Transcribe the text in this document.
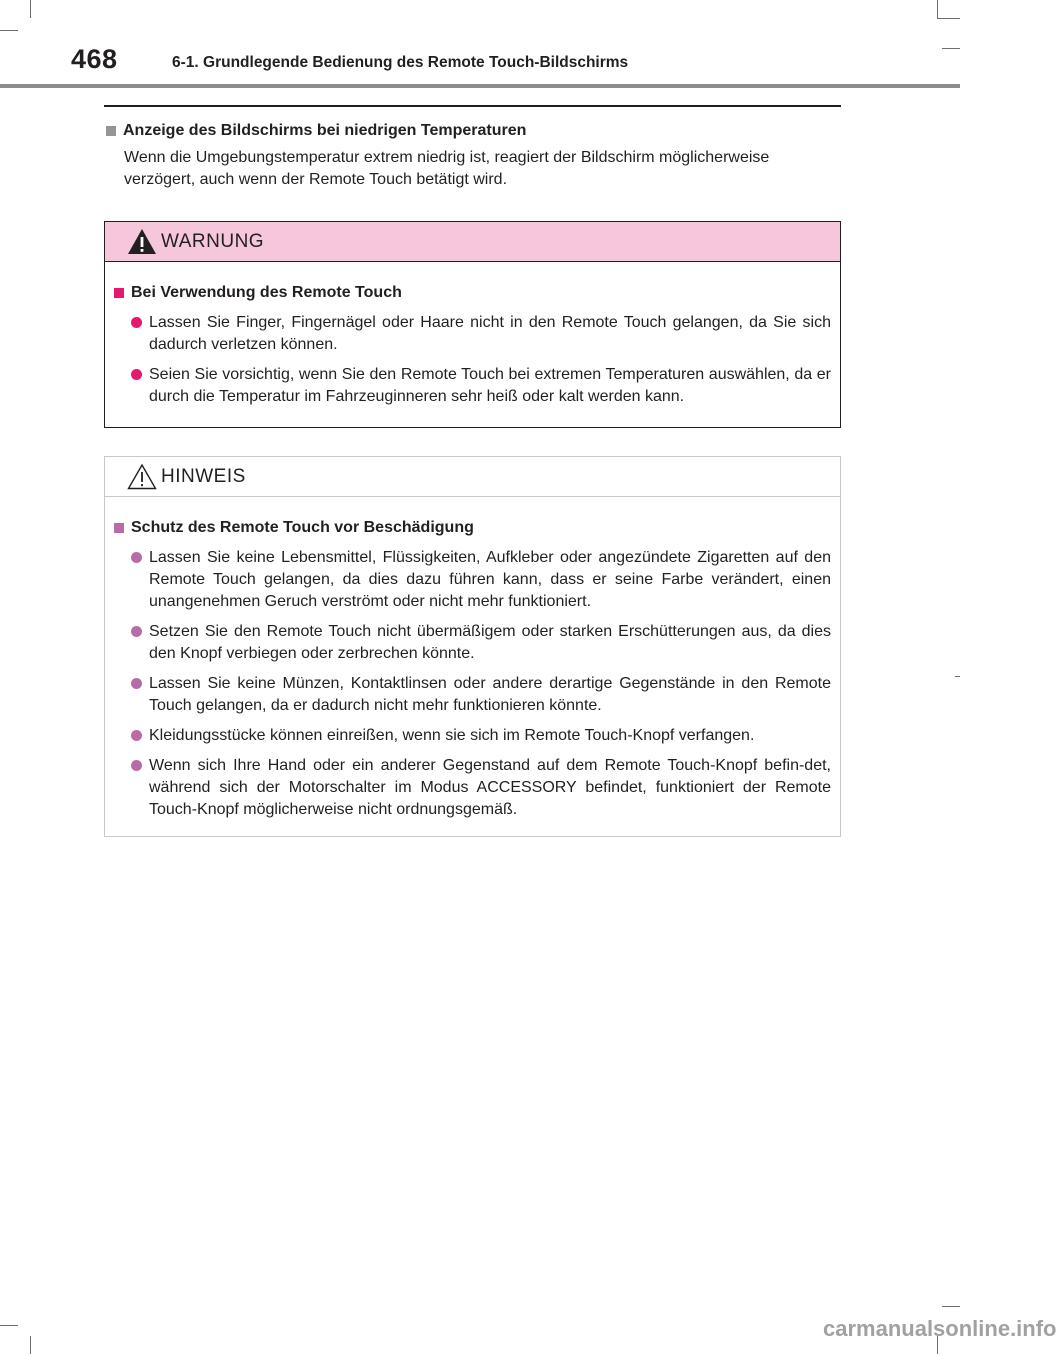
468	6-1. Grundlegende Bedienung des Remote Touch-Bildschirms
Anzeige des Bildschirms bei niedrigen Temperaturen
Wenn die Umgebungstemperatur extrem niedrig ist, reagiert der Bildschirm möglicherweise verzögert, auch wenn der Remote Touch betätigt wird.
WARNUNG
Bei Verwendung des Remote Touch
Lassen Sie Finger, Fingernägel oder Haare nicht in den Remote Touch gelangen, da Sie sich dadurch verletzen können.
Seien Sie vorsichtig, wenn Sie den Remote Touch bei extremen Temperaturen auswählen, da er durch die Temperatur im Fahrzeuginneren sehr heiß oder kalt werden kann.
HINWEIS
Schutz des Remote Touch vor Beschädigung
Lassen Sie keine Lebensmittel, Flüssigkeiten, Aufkleber oder angezündete Zigaretten auf den Remote Touch gelangen, da dies dazu führen kann, dass er seine Farbe verändert, einen unangenehmen Geruch verströmt oder nicht mehr funktioniert.
Setzen Sie den Remote Touch nicht übermäßigem oder starken Erschütterungen aus, da dies den Knopf verbiegen oder zerbrechen könnte.
Lassen Sie keine Münzen, Kontaktlinsen oder andere derartige Gegenstände in den Remote Touch gelangen, da er dadurch nicht mehr funktionieren könnte.
Kleidungsstücke können einreißen, wenn sie sich im Remote Touch-Knopf verfangen.
Wenn sich Ihre Hand oder ein anderer Gegenstand auf dem Remote Touch-Knopf befin-det, während sich der Motorschalter im Modus ACCESSORY befindet, funktioniert der Remote Touch-Knopf möglicherweise nicht ordnungsgemäß.
carmanualsonline.info
